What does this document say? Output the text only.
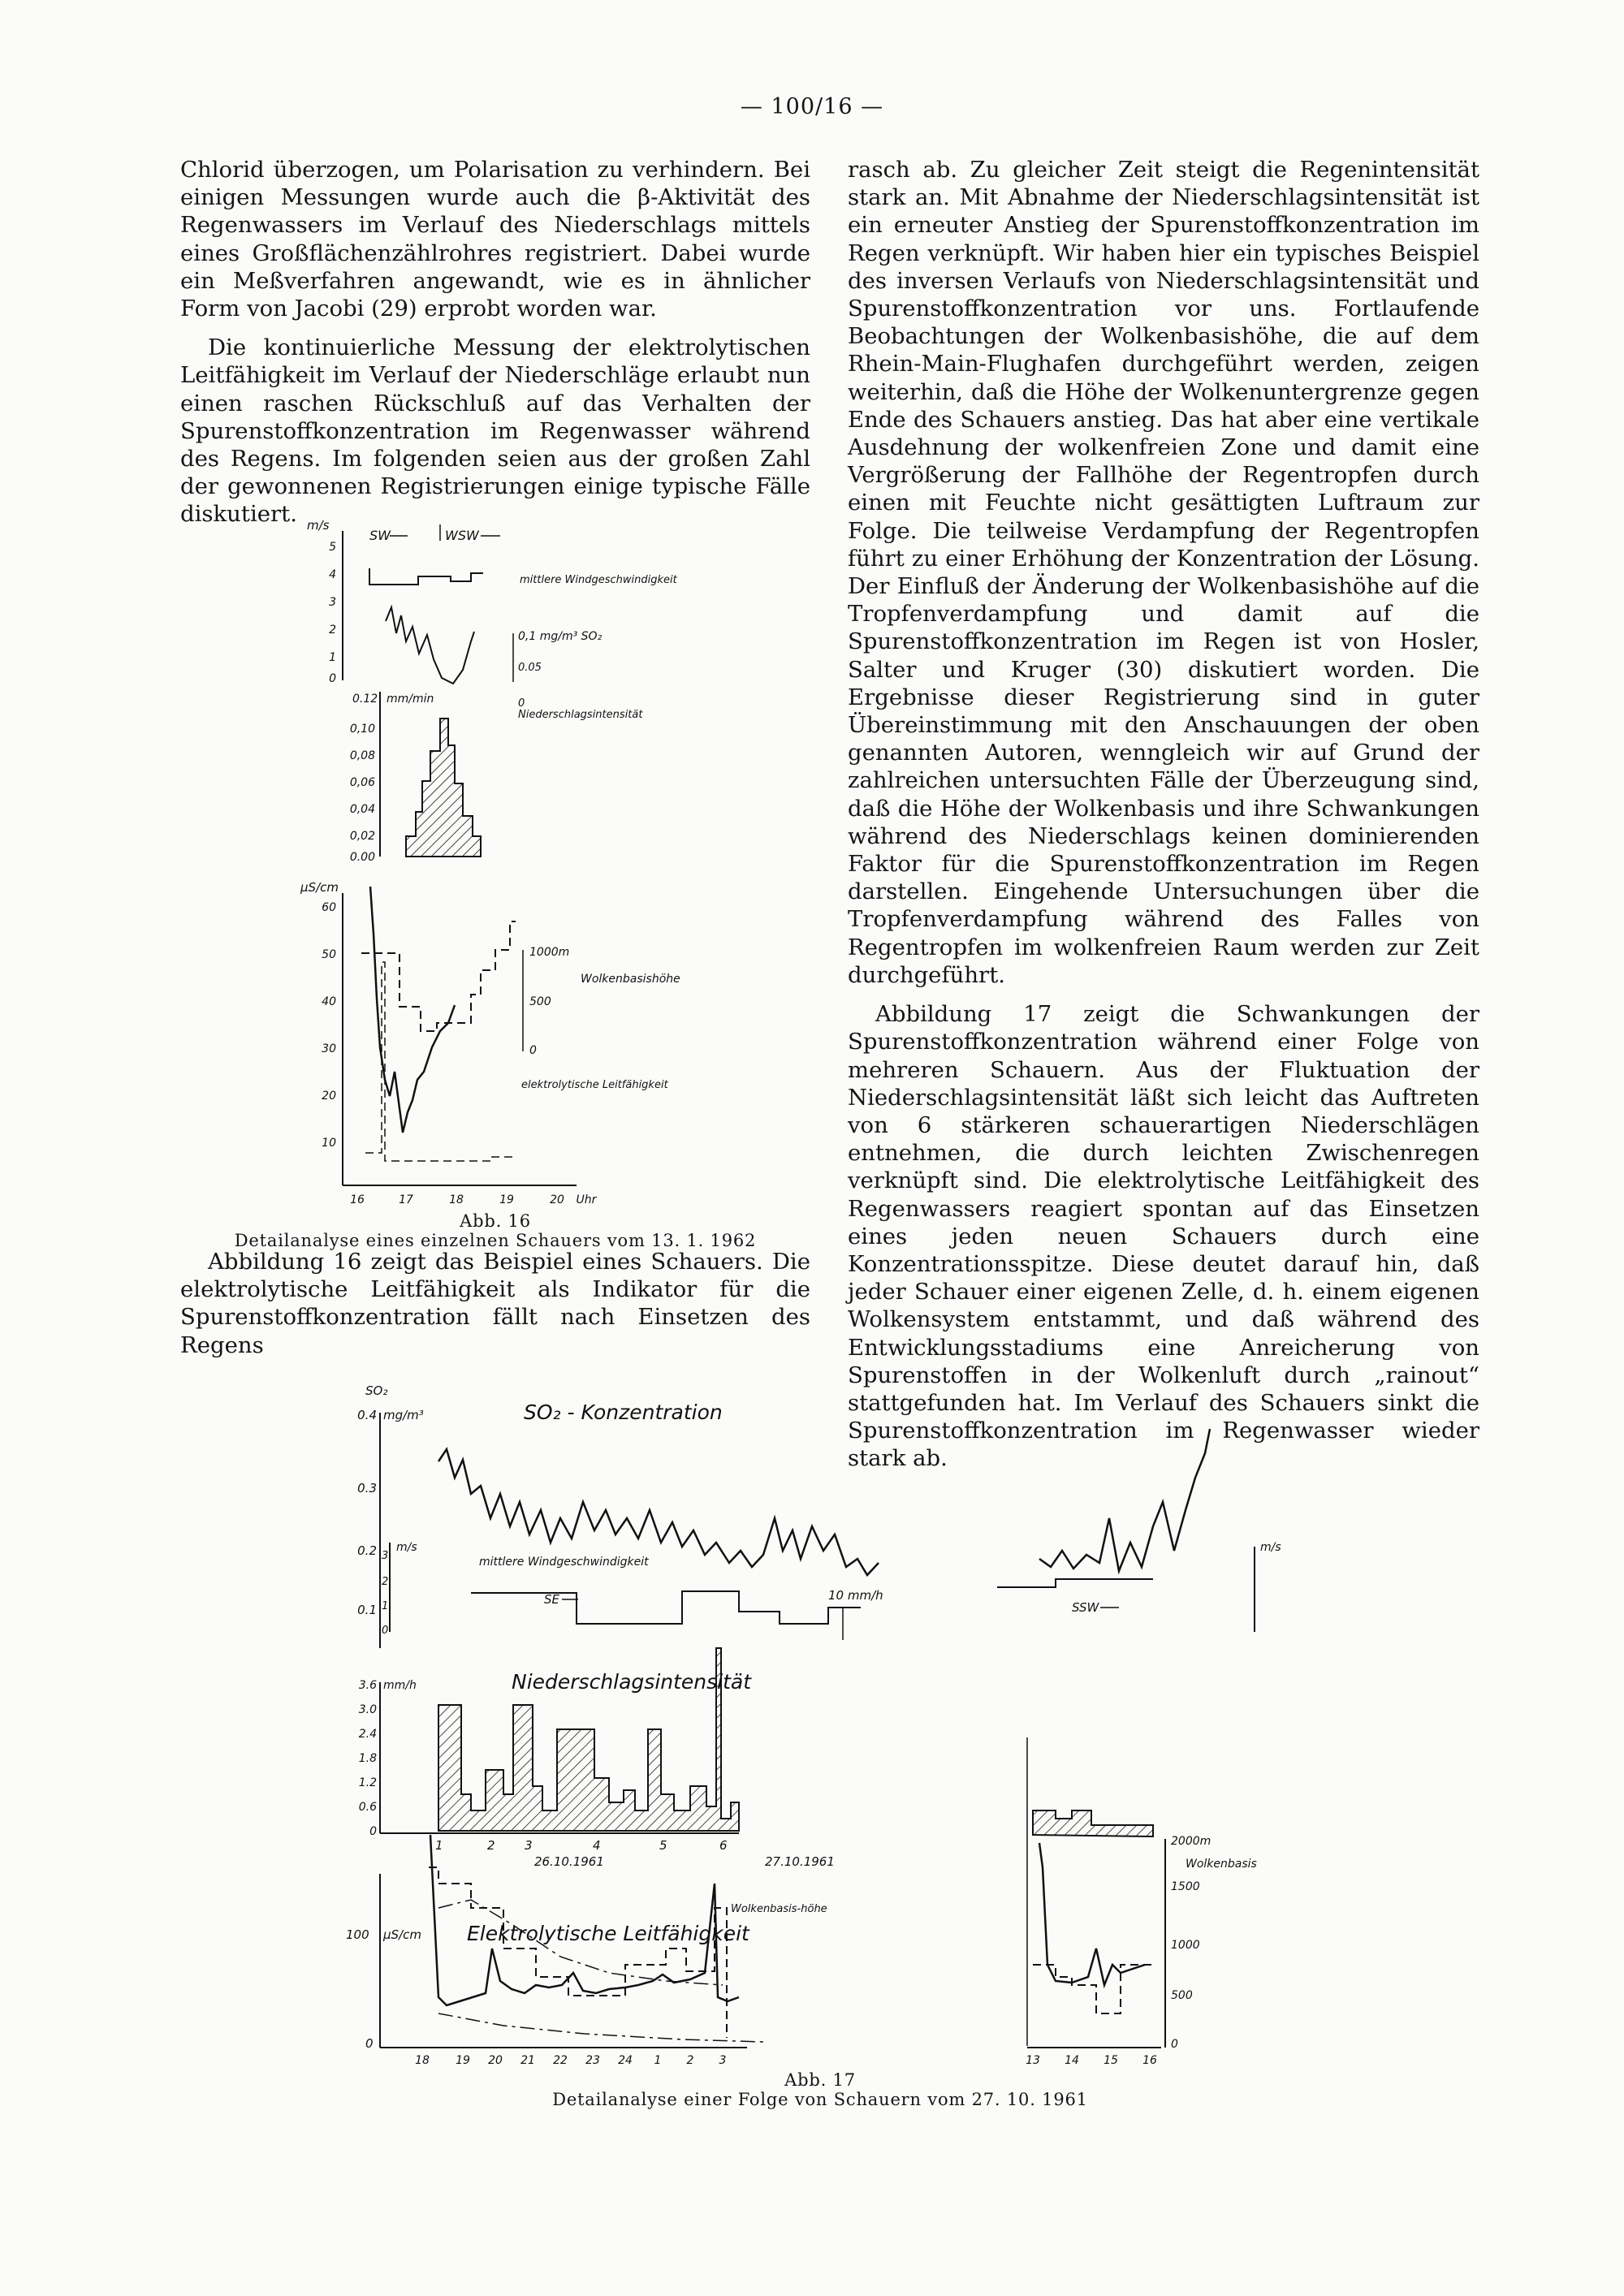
— 100/16 —

Chlorid überzogen, um Polarisation zu verhindern. Bei einigen Messungen wurde auch die β-Aktivität des Regenwassers im Verlauf des Niederschlags mittels eines Großflächenzählrohres registriert. Dabei wurde ein Meßverfahren angewandt, wie es in ähnlicher Form von Jacobi (29) erprobt worden war.

Die kontinuierliche Messung der elektrolytischen Leitfähigkeit im Verlauf der Niederschläge erlaubt nun einen raschen Rückschluß auf das Verhalten der Spurenstoffkonzentration im Regenwasser während des Regens. Im folgenden seien aus der großen Zahl der gewonnenen Registrierungen einige typische Fälle diskutiert. m/s
5
4
3
2
1
0
SW	WSW
mittlere Windgeschwindigkeit
0,1 mg/m³ SO₂
0.05
0
Niederschlagsintensität
0.12 mm/min
0,10
0,08
0,06
0,04
0,02
0.00
µS/cm
60
50
40
30
20
10
1000m
500
0
Wolkenbasishöhe
elektrolytische Leitfähigkeit
16	17	18	19	20 Uhr
Abb. 16
Detailanalyse eines einzelnen Schauers vom 13. 1. 1962

Abbildung 16 zeigt das Beispiel eines Schauers. Die elektrolytische Leitfähigkeit als Indikator für die Spurenstoffkonzentration fällt nach Einsetzen des Regens

rasch ab. Zu gleicher Zeit steigt die Regenintensität stark an. Mit Abnahme der Niederschlagsintensität ist ein erneuter Anstieg der Spurenstoffkonzentration im Regen verknüpft. Wir haben hier ein typisches Beispiel des inversen Verlaufs von Niederschlagsintensität und Spurenstoffkonzentration vor uns. Fortlaufende Beobachtungen der Wolkenbasishöhe, die auf dem Rhein-Main-Flughafen durchgeführt werden, zeigen weiterhin, daß die Höhe der Wolkenuntergrenze gegen Ende des Schauers anstieg. Das hat aber eine vertikale Ausdehnung der wolkenfreien Zone und damit eine Vergrößerung der Fallhöhe der Regentropfen durch einen mit Feuchte nicht gesättigten Luftraum zur Folge. Die teilweise Verdampfung der Regentropfen führt zu einer Erhöhung der Konzentration der Lösung. Der Einfluß der Änderung der Wolkenbasishöhe auf die Tropfenverdampfung und damit auf die Spurenstoffkonzentration im Regen ist von Hosler, Salter und Kruger (30) diskutiert worden. Die Ergebnisse dieser Registrierung sind in guter Übereinstimmung mit den Anschauungen der oben genannten Autoren, wenngleich wir auf Grund der zahlreichen untersuchten Fälle der Überzeugung sind, daß die Höhe der Wolkenbasis und ihre Schwankungen während des Niederschlags keinen dominierenden Faktor für die Spurenstoffkonzentration im Regen darstellen. Eingehende Untersuchungen über die Tropfenverdampfung während des Falles von Regentropfen im wolkenfreien Raum werden zur Zeit durchgeführt.

Abbildung 17 zeigt die Schwankungen der Spurenstoffkonzentration während einer Folge von mehreren Schauern. Aus der Fluktuation der Niederschlagsintensität läßt sich leicht das Auftreten von 6 stärkeren schauerartigen Niederschlägen entnehmen, die durch leichten Zwischenregen verknüpft sind. Die elektrolytische Leitfähigkeit des Regenwassers reagiert spontan auf das Einsetzen eines jeden neuen Schauers durch eine Konzentrationsspitze. Diese deutet darauf hin, daß jeder Schauer einer eigenen Zelle, d. h. einem eigenen Wolkensystem entstammt, und daß während des Entwicklungsstadiums eine Anreicherung von Spurenstoffen in der Wolkenluft durch „rainout“ stattgefunden hat. Im Verlauf des Schauers sinkt die Spurenstoffkonzentration im Regenwasser wieder stark ab.

SO₂
0.4
0.3
0.2
0.1
mg/m³	SO₂ - Konzentration
m/s
3
2
1
0
mittlere Windgeschwindigkeit
SE	10 mm/h
SSW
m/s
Niederschlagsintensität
mm/h
3.6
3.0
2.4
1.8
1.2
0.6
0
1	2 3	4	5	6
26.10.1961	27.10.1961
100 µS/cm
0
Elektrolytische Leitfähigkeit
Wolkenbasis-höhe
18 19 20 21 22 23 24 1 2 3
2000m
1500
1000
500
0
Wolkenbasis
13 14 15 16
Abb. 17
Detailanalyse einer Folge von Schauern vom 27. 10. 1961
